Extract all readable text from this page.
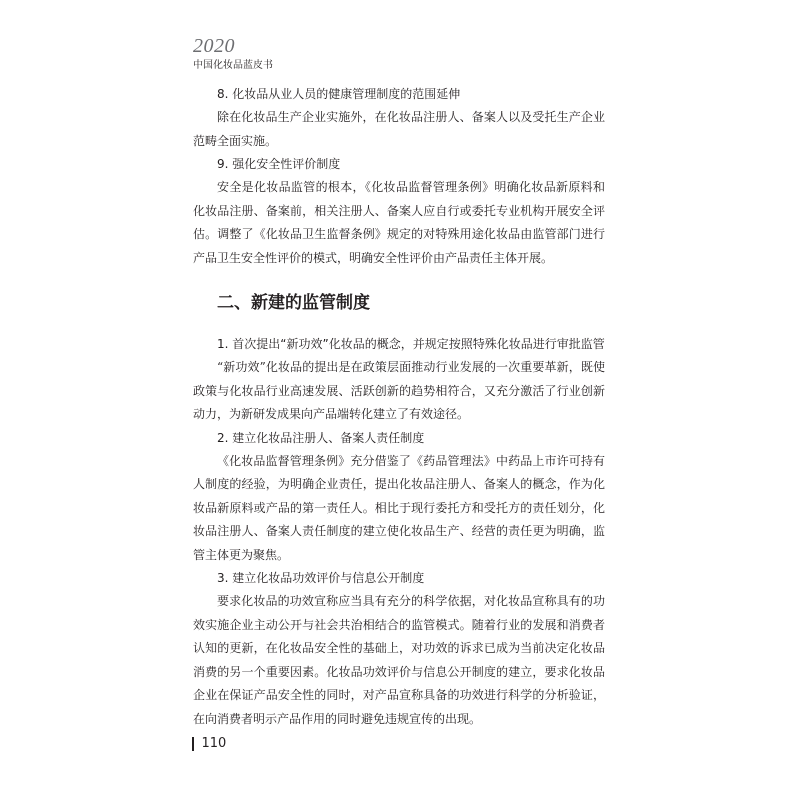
2020
中国化妆品蓝皮书

8. 化妆品从业人员的健康管理制度的范围延伸

除在化妆品生产企业实施外，在化妆品注册人、备案人以及受托生产企业范畴全面实施。

9. 强化安全性评价制度

安全是化妆品监管的根本，《化妆品监督管理条例》明确化妆品新原料和化妆品注册、备案前，相关注册人、备案人应自行或委托专业机构开展安全评估。调整了《化妆品卫生监督条例》规定的对特殊用途化妆品由监管部门进行产品卫生安全性评价的模式，明确安全性评价由产品责任主体开展。

二、新建的监管制度

1. 首次提出“新功效”化妆品的概念，并规定按照特殊化妆品进行审批监管

“新功效”化妆品的提出是在政策层面推动行业发展的一次重要革新，既使政策与化妆品行业高速发展、活跃创新的趋势相符合，又充分激活了行业创新动力，为新研发成果向产品端转化建立了有效途径。

2. 建立化妆品注册人、备案人责任制度

《化妆品监督管理条例》充分借鉴了《药品管理法》中药品上市许可持有人制度的经验，为明确企业责任，提出化妆品注册人、备案人的概念，作为化妆品新原料或产品的第一责任人。相比于现行委托方和受托方的责任划分，化妆品注册人、备案人责任制度的建立使化妆品生产、经营的责任更为明确，监管主体更为聚焦。

3. 建立化妆品功效评价与信息公开制度

要求化妆品的功效宣称应当具有充分的科学依据，对化妆品宣称具有的功效实施企业主动公开与社会共治相结合的监管模式。随着行业的发展和消费者认知的更新，在化妆品安全性的基础上，对功效的诉求已成为当前决定化妆品消费的另一个重要因素。化妆品功效评价与信息公开制度的建立，要求化妆品企业在保证产品安全性的同时，对产品宣称具备的功效进行科学的分析验证，在向消费者明示产品作用的同时避免违规宣传的出现。

110
